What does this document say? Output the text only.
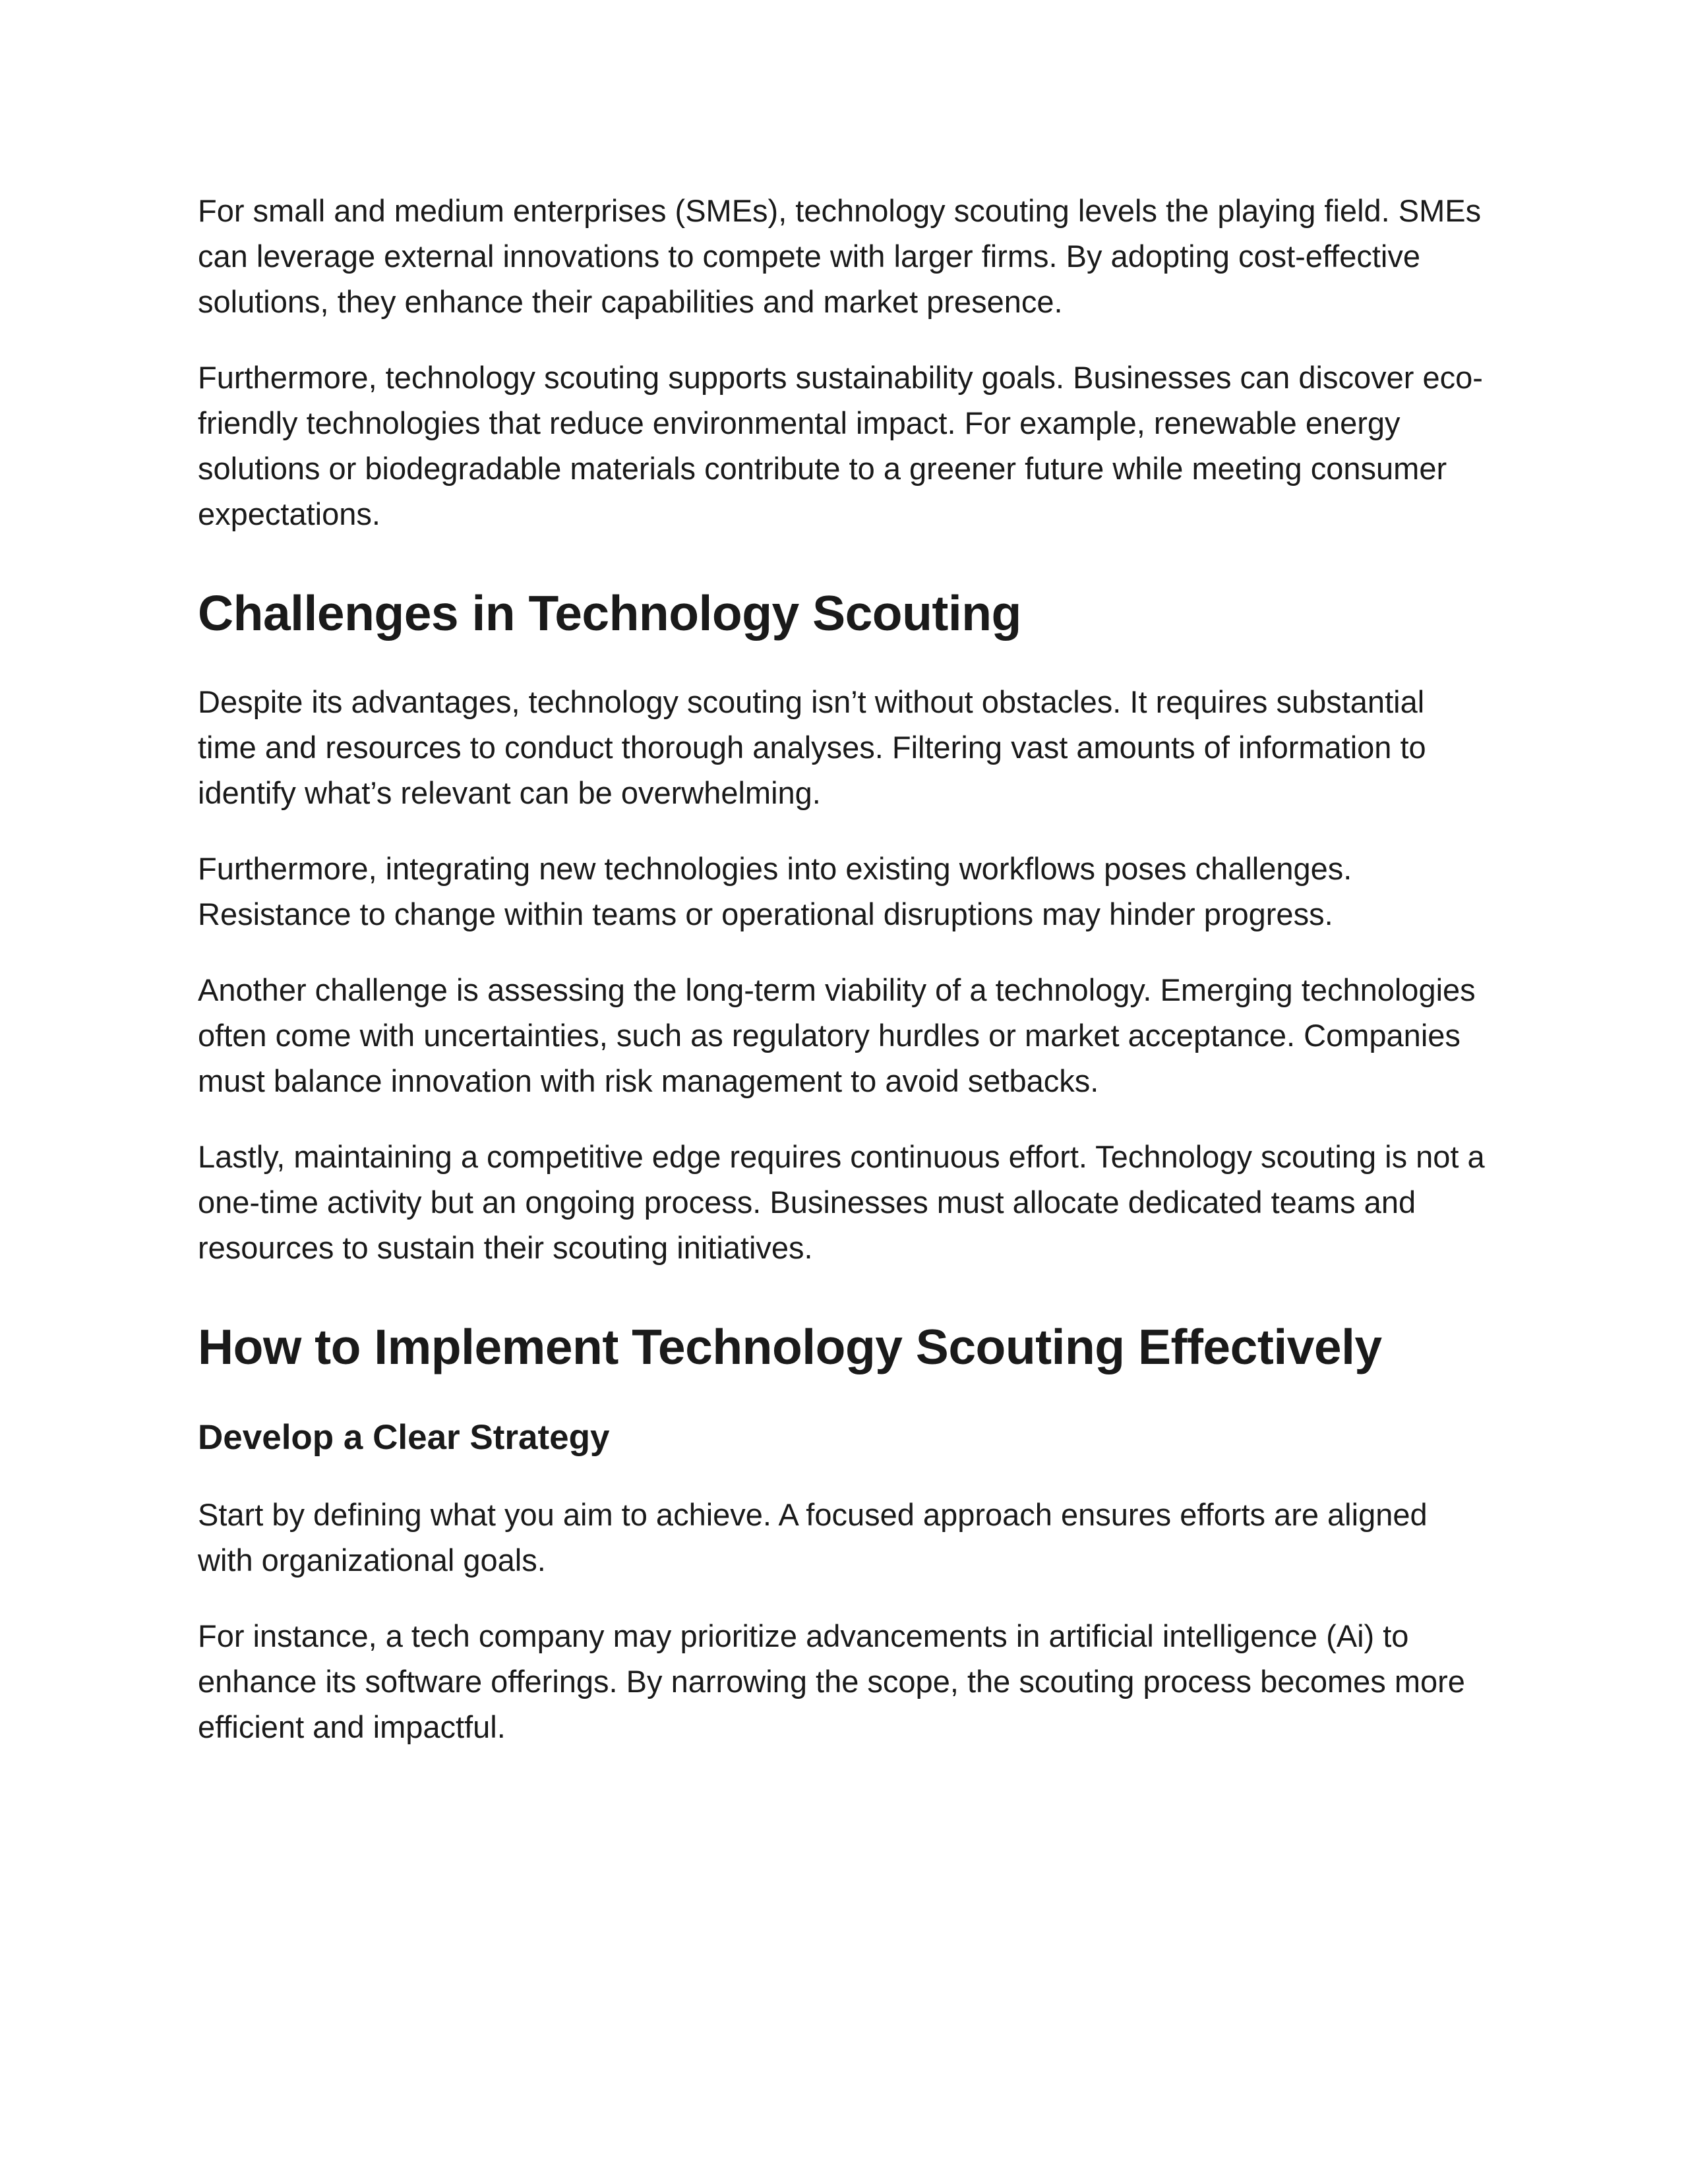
For small and medium enterprises (SMEs), technology scouting levels the playing field. SMEs can leverage external innovations to compete with larger firms. By adopting cost-effective solutions, they enhance their capabilities and market presence.

Furthermore, technology scouting supports sustainability goals. Businesses can discover eco-friendly technologies that reduce environmental impact. For example, renewable energy solutions or biodegradable materials contribute to a greener future while meeting consumer expectations.

Challenges in Technology Scouting

Despite its advantages, technology scouting isn’t without obstacles. It requires substantial time and resources to conduct thorough analyses. Filtering vast amounts of information to identify what’s relevant can be overwhelming.

Furthermore, integrating new technologies into existing workflows poses challenges. Resistance to change within teams or operational disruptions may hinder progress.

Another challenge is assessing the long-term viability of a technology. Emerging technologies often come with uncertainties, such as regulatory hurdles or market acceptance. Companies must balance innovation with risk management to avoid setbacks.

Lastly, maintaining a competitive edge requires continuous effort. Technology scouting is not a one-time activity but an ongoing process. Businesses must allocate dedicated teams and resources to sustain their scouting initiatives.

How to Implement Technology Scouting Effectively
Develop a Clear Strategy

Start by defining what you aim to achieve. A focused approach ensures efforts are aligned with organizational goals.

For instance, a tech company may prioritize advancements in artificial intelligence (Ai) to enhance its software offerings. By narrowing the scope, the scouting process becomes more efficient and impactful.
